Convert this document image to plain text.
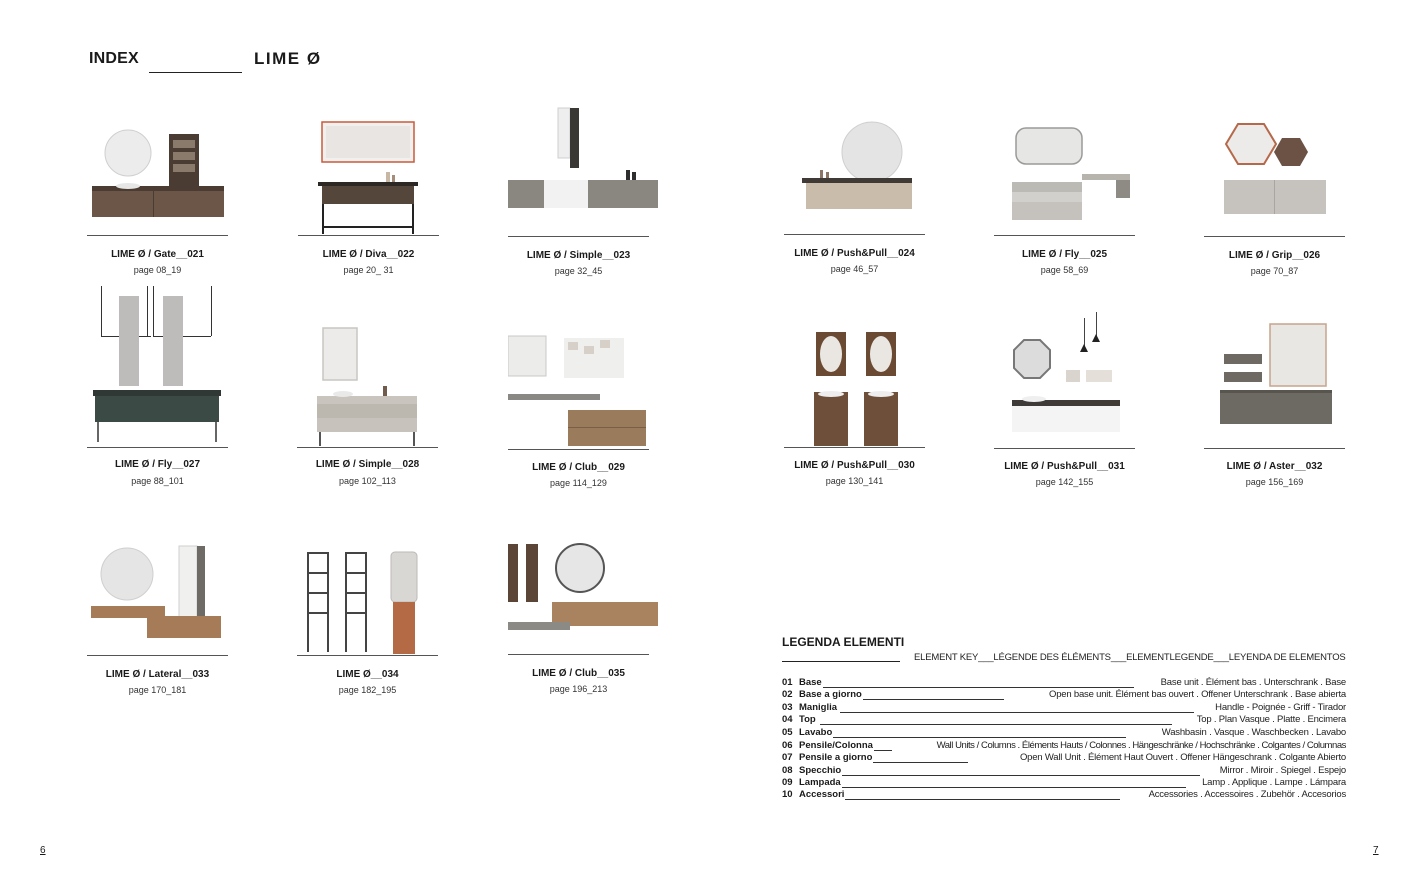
INDEX	LIME Ø
LIME Ø / Gate__021
page 08_19
LIME Ø / Diva__022
page 20_ 31
LIME Ø / Simple__023
page 32_45
LIME Ø / Push&Pull__024
page 46_57
LIME Ø / Fly__025
page 58_69
LIME Ø / Grip__026
page 70_87
LIME Ø / Fly__027
page 88_101
LIME Ø / Simple__028
page 102_113
LIME Ø / Club__029
page 114_129
LIME Ø / Push&Pull__030
page 130_141
LIME Ø / Push&Pull__031
page 142_155
LIME Ø / Aster__032
page 156_169
LIME Ø / Lateral__033
page 170_181
LIME Ø__034
page 182_195
LIME Ø / Club__035
page 196_213
LEGENDA ELEMENTI
ELEMENT KEY___LÉGENDE DES ÉLÉMENTS___ELEMENTLEGENDE___LEYENDA DE ELEMENTOS
01 Base	Base unit . Élément bas . Unterschrank . Base
02 Base a giorno	Open base unit. Élément bas ouvert . Offener Unterschrank . Base abierta
03 Maniglia	Handle - Poignée - Griff - Tirador
04 Top	Top . Plan Vasque . Platte . Encimera
05 Lavabo	Washbasin . Vasque . Waschbecken . Lavabo
06 Pensile/Colonna	Wall Units / Columns . Éléments Hauts / Colonnes . Hängeschränke / Hochschränke . Colgantes / Columnas
07 Pensile a giorno	Open Wall Unit . Élément Haut Ouvert . Offener Hängeschrank . Colgante Abierto
08 Specchio	Mirror . Miroir . Spiegel . Espejo
09 Lampada	Lamp . Applique . Lampe . Lámpara
10 Accessori	Accessories . Accessoires . Zubehör . Accesorios
6	7
